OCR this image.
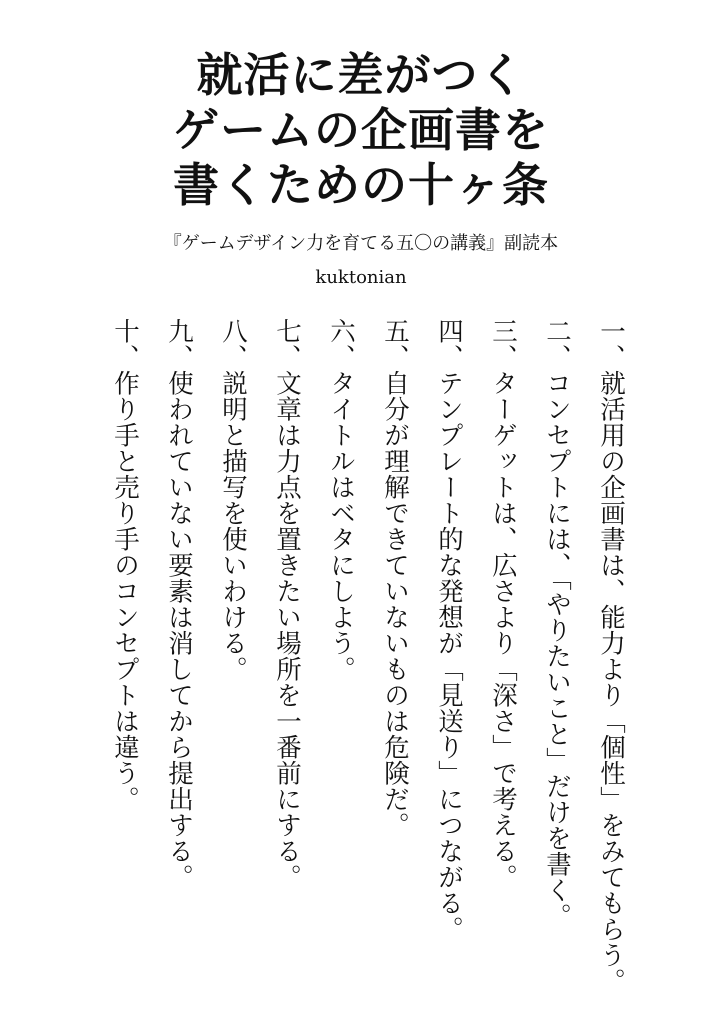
就活に差がつく

ゲームの企画書を

書くための十ヶ条

『ゲームデザイン力を育てる五〇の講義』副読本
kuktonian

一、就活用の企画書は、能力より「個性」をみてもらう。

二、コンセプトには、「やりたいこと」だけを書く。

三、ターゲットは、広さより「深さ」で考える。

四、テンプレート的な発想が「見送り」につながる。

五、自分が理解できていないものは危険だ。

六、タイトルはベタにしよう。

七、文章は力点を置きたい場所を一番前にする。

八、説明と描写を使いわける。

九、使われていない要素は消してから提出する。

十、作り手と売り手のコンセプトは違う。
